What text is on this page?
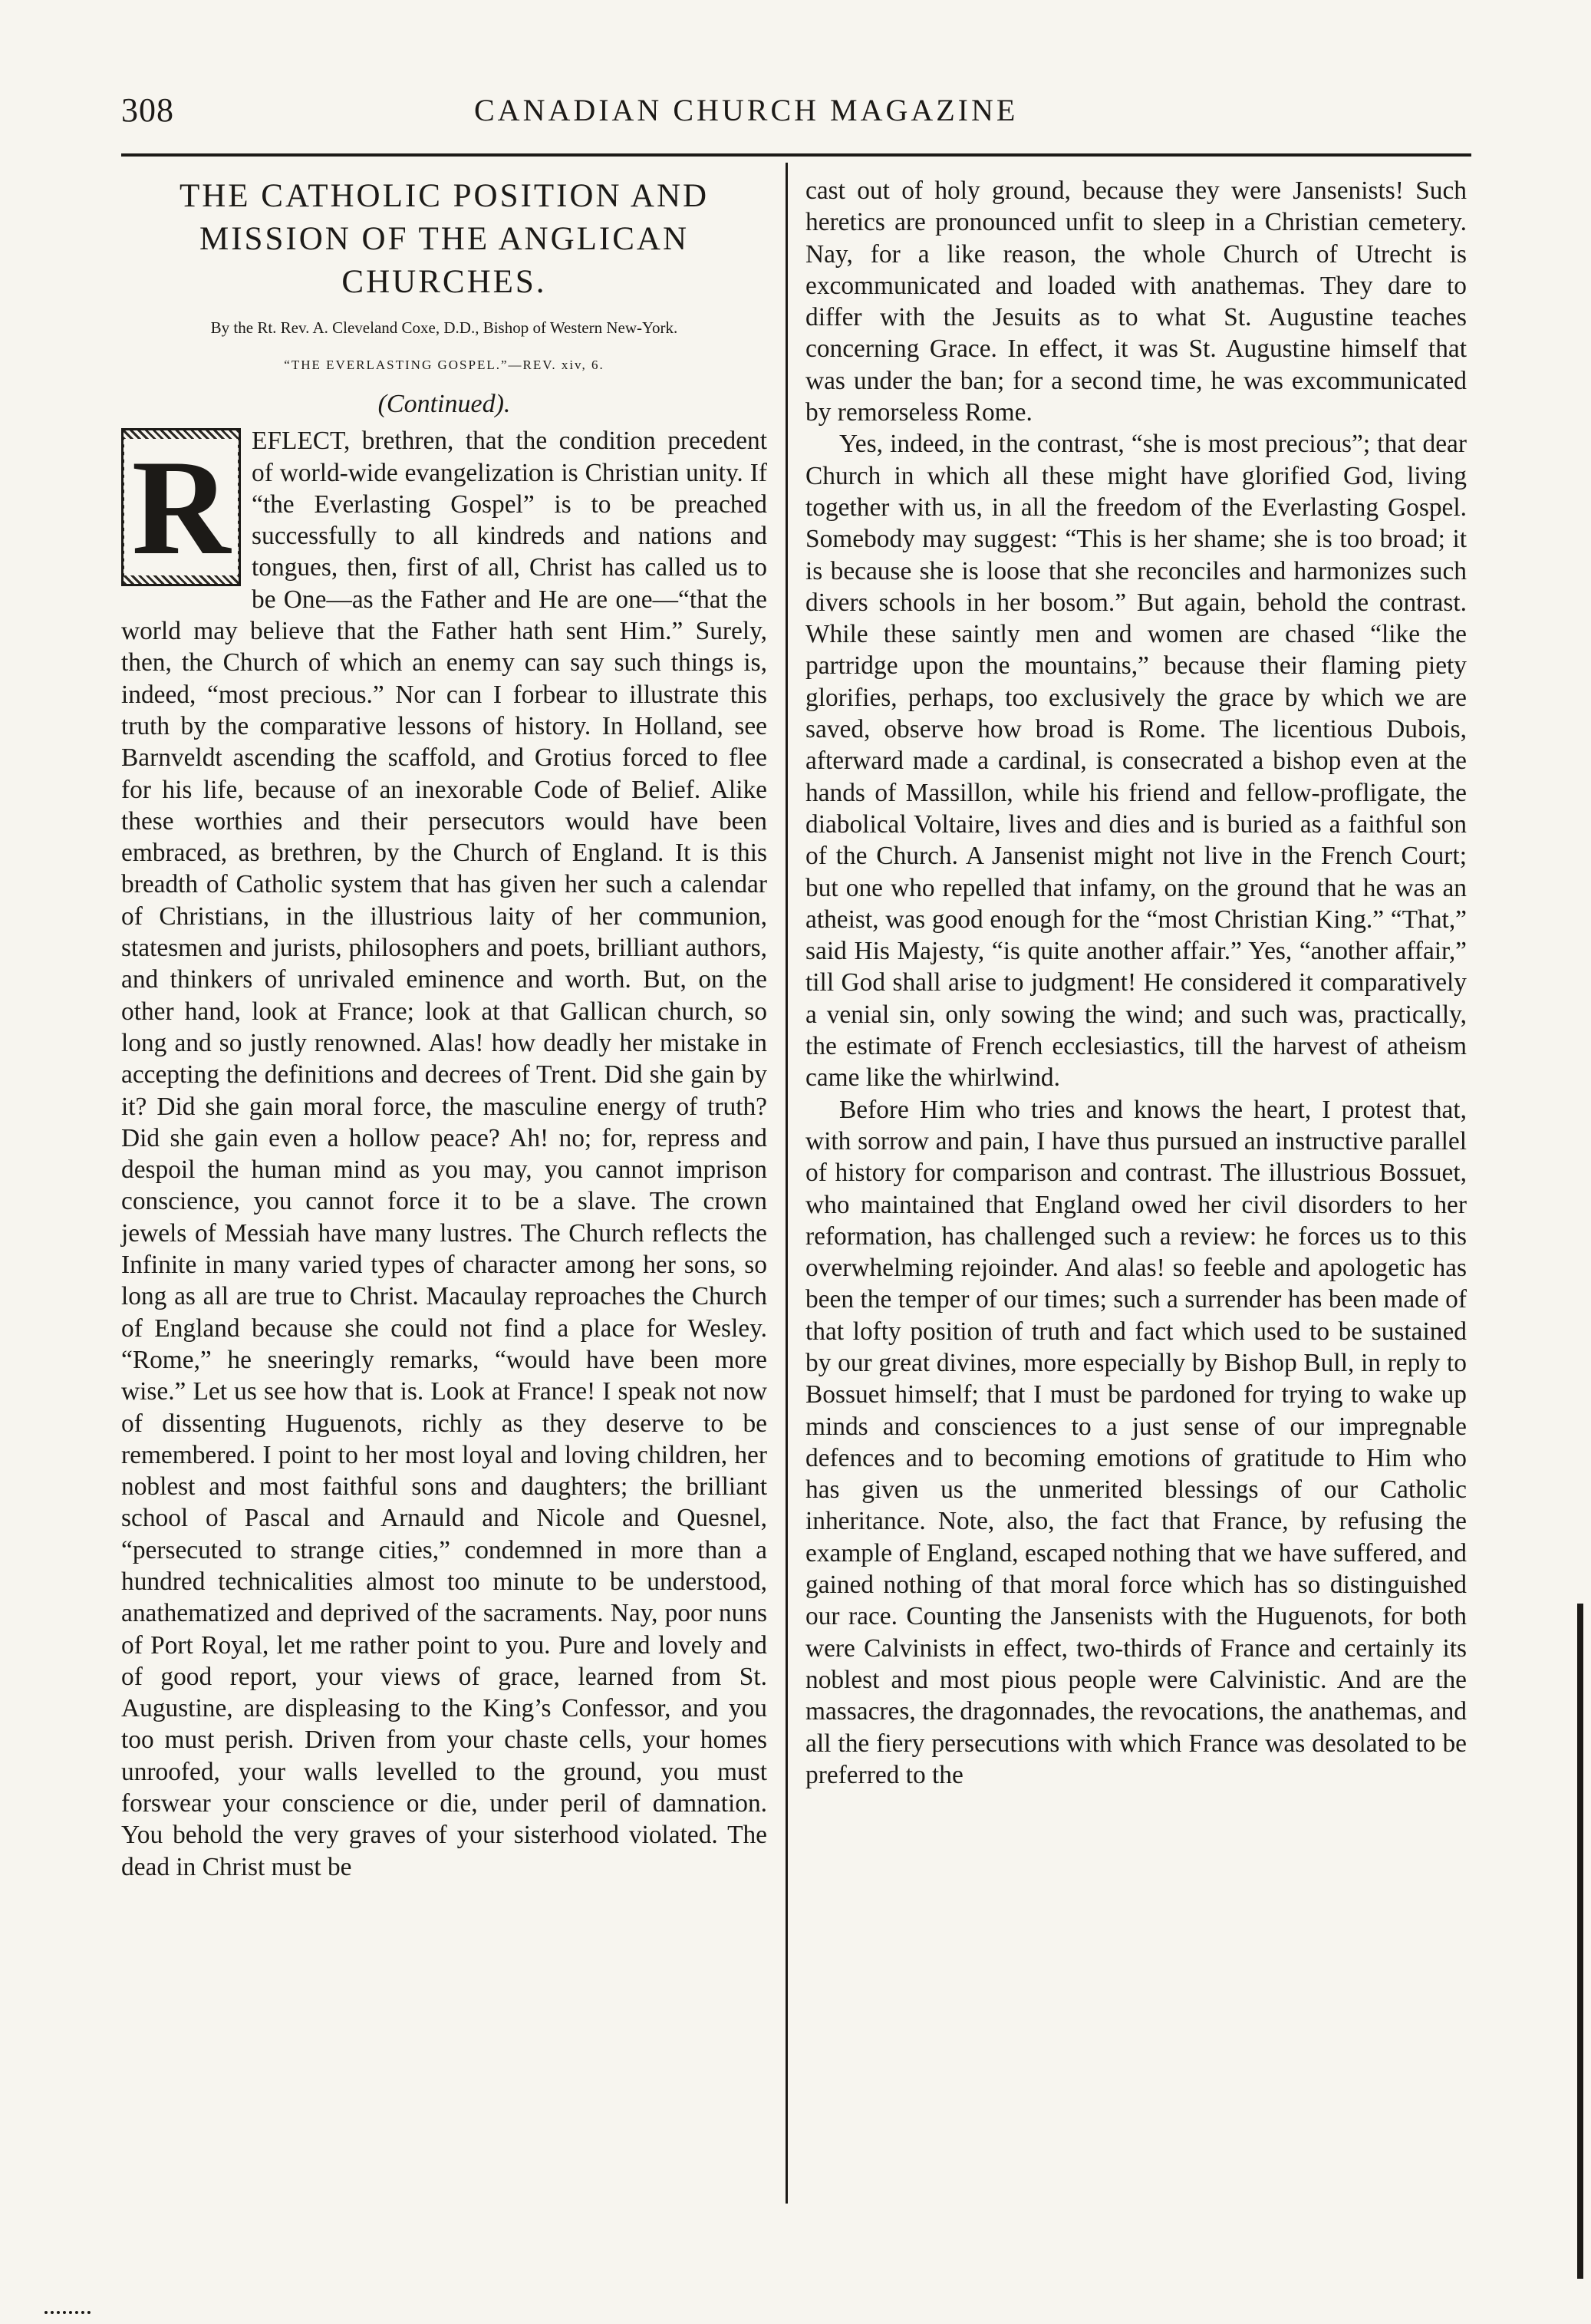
308	CANADIAN CHURCH MAGAZINE
THE CATHOLIC POSITION AND MISSION OF THE ANGLICAN CHURCHES.
By the Rt. Rev. A. Cleveland Coxe, D.D., Bishop of Western New-York.
“THE EVERLASTING GOSPEL.”—REV. xiv, 6.
(Continued).

R EFLECT, brethren, that the condition precedent of world-wide evangelization is Christian unity. If “the Everlasting Gospel” is to be preached successfully to all kindreds and nations and tongues, then, first of all, Christ has called us to be One—as the Father and He are one—“that the world may believe that the Father hath sent Him.” Surely, then, the Church of which an enemy can say such things is, indeed, “most precious.” Nor can I forbear to illustrate this truth by the comparative lessons of history. In Holland, see Barnveldt ascending the scaffold, and Grotius forced to flee for his life, because of an inexorable Code of Belief. Alike these worthies and their persecutors would have been embraced, as brethren, by the Church of England. It is this breadth of Catholic system that has given her such a calendar of Christians, in the illustrious laity of her communion, statesmen and jurists, philosophers and poets, brilliant authors, and thinkers of unrivaled eminence and worth. But, on the other hand, look at France; look at that Gallican church, so long and so justly renowned. Alas! how deadly her mistake in accepting the definitions and decrees of Trent. Did she gain by it? Did she gain moral force, the masculine energy of truth? Did she gain even a hollow peace? Ah! no; for, repress and despoil the human mind as you may, you cannot imprison conscience, you cannot force it to be a slave. The crown jewels of Messiah have many lustres. The Church reflects the Infinite in many varied types of character among her sons, so long as all are true to Christ. Macaulay reproaches the Church of England because she could not find a place for Wesley. “Rome,” he sneeringly remarks, “would have been more wise.” Let us see how that is. Look at France! I speak not now of dissenting Huguenots, richly as they deserve to be remembered. I point to her most loyal and loving children, her noblest and most faithful sons and daughters; the brilliant school of Pascal and Arnauld and Nicole and Quesnel, “persecuted to strange cities,” condemned in more than a hundred technicalities almost too minute to be understood, anathematized and deprived of the sacraments. Nay, poor nuns of Port Royal, let me rather point to you. Pure and lovely and of good report, your views of grace, learned from St. Augustine, are displeasing to the King’s Confessor, and you too must perish. Driven from your chaste cells, your homes unroofed, your walls levelled to the ground, you must forswear your conscience or die, under peril of damnation. You behold the very graves of your sisterhood violated. The dead in Christ must be

cast out of holy ground, because they were Jansenists! Such heretics are pronounced unfit to sleep in a Christian cemetery. Nay, for a like reason, the whole Church of Utrecht is excommunicated and loaded with anathemas. They dare to differ with the Jesuits as to what St. Augustine teaches concerning Grace. In effect, it was St. Augustine himself that was under the ban; for a second time, he was excommunicated by remorseless Rome.

Yes, indeed, in the contrast, “she is most precious”; that dear Church in which all these might have glorified God, living together with us, in all the freedom of the Everlasting Gospel. Somebody may suggest: “This is her shame; she is too broad; it is because she is loose that she reconciles and harmonizes such divers schools in her bosom.” But again, behold the contrast. While these saintly men and women are chased “like the partridge upon the mountains,” because their flaming piety glorifies, perhaps, too exclusively the grace by which we are saved, observe how broad is Rome. The licentious Dubois, afterward made a cardinal, is consecrated a bishop even at the hands of Massillon, while his friend and fellow-profligate, the diabolical Voltaire, lives and dies and is buried as a faithful son of the Church. A Jansenist might not live in the French Court; but one who repelled that infamy, on the ground that he was an atheist, was good enough for the “most Christian King.” “That,” said His Majesty, “is quite another affair.” Yes, “another affair,” till God shall arise to judgment! He considered it comparatively a venial sin, only sowing the wind; and such was, practically, the estimate of French ecclesiastics, till the harvest of atheism came like the whirlwind.

Before Him who tries and knows the heart, I protest that, with sorrow and pain, I have thus pursued an instructive parallel of history for comparison and contrast. The illustrious Bossuet, who maintained that England owed her civil disorders to her reformation, has challenged such a review: he forces us to this overwhelming rejoinder. And alas! so feeble and apologetic has been the temper of our times; such a surrender has been made of that lofty position of truth and fact which used to be sustained by our great divines, more especially by Bishop Bull, in reply to Bossuet himself; that I must be pardoned for trying to wake up minds and consciences to a just sense of our impregnable defences and to becoming emotions of gratitude to Him who has given us the unmerited blessings of our Catholic inheritance. Note, also, the fact that France, by refusing the example of England, escaped nothing that we have suffered, and gained nothing of that moral force which has so distinguished our race. Counting the Jansenists with the Huguenots, for both were Calvinists in effect, two-thirds of France and certainly its noblest and most pious people were Calvinistic. And are the massacres, the dragonnades, the revocations, the anathemas, and all the fiery persecutions with which France was desolated to be preferred to the
